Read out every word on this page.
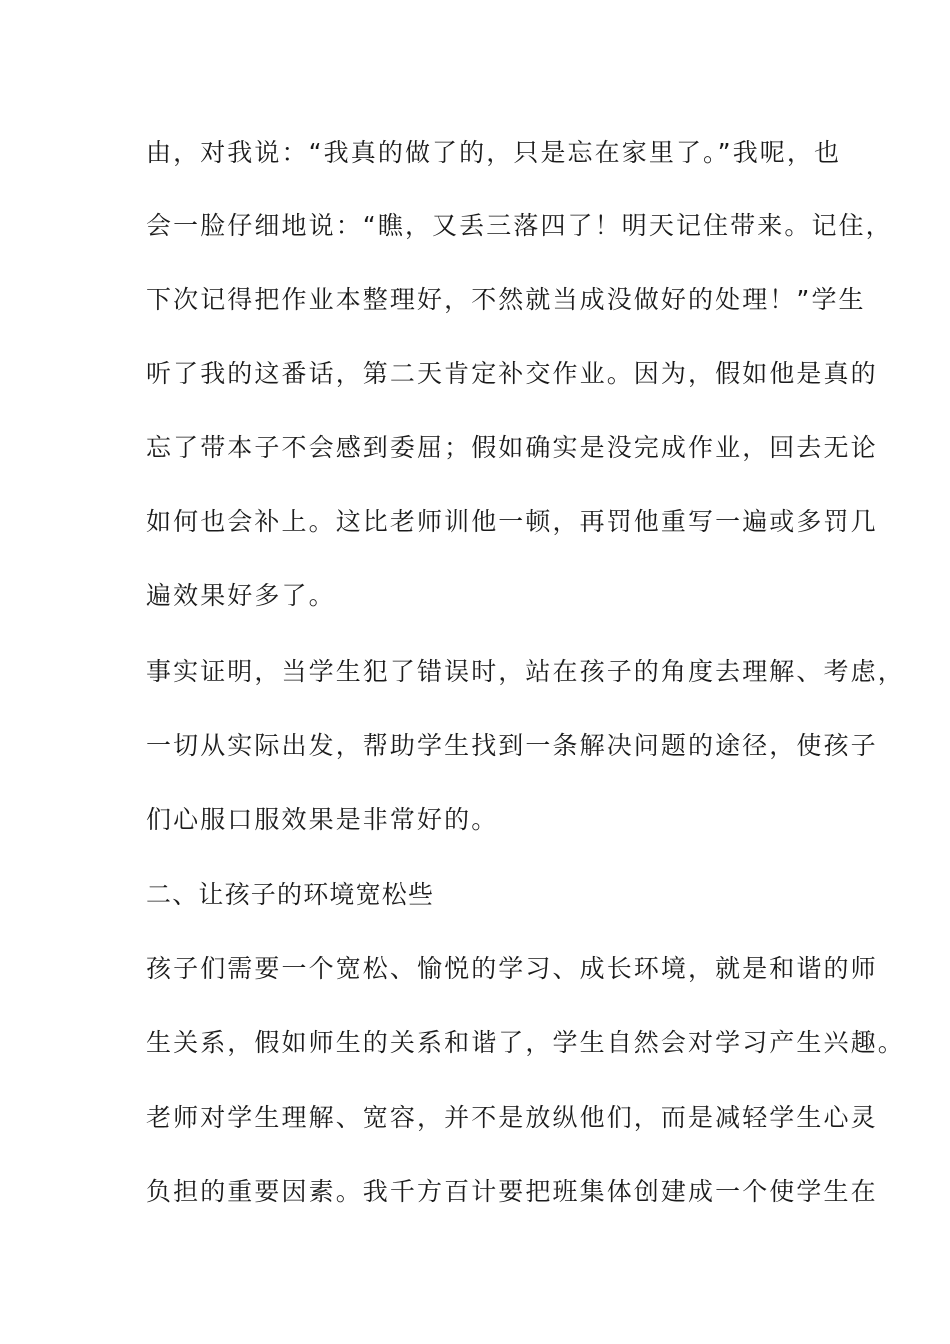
由，对我说：“我真的做了的，只是忘在家里了。”我呢，也
会一脸仔细地说：“瞧，又丢三落四了！明天记住带来。记住，
下次记得把作业本整理好，不然就当成没做好的处理！”学生
听了我的这番话，第二天肯定补交作业。因为，假如他是真的
忘了带本子不会感到委屈；假如确实是没完成作业，回去无论
如何也会补上。这比老师训他一顿，再罚他重写一遍或多罚几
遍效果好多了。
事实证明，当学生犯了错误时，站在孩子的角度去理解、考虑，
一切从实际出发，帮助学生找到一条解决问题的途径，使孩子
们心服口服效果是非常好的。
二、让孩子的环境宽松些
孩子们需要一个宽松、愉悦的学习、成长环境，就是和谐的师
生关系，假如师生的关系和谐了，学生自然会对学习产生兴趣。
老师对学生理解、宽容，并不是放纵他们，而是减轻学生心灵
负担的重要因素。我千方百计要把班集体创建成一个使学生在
